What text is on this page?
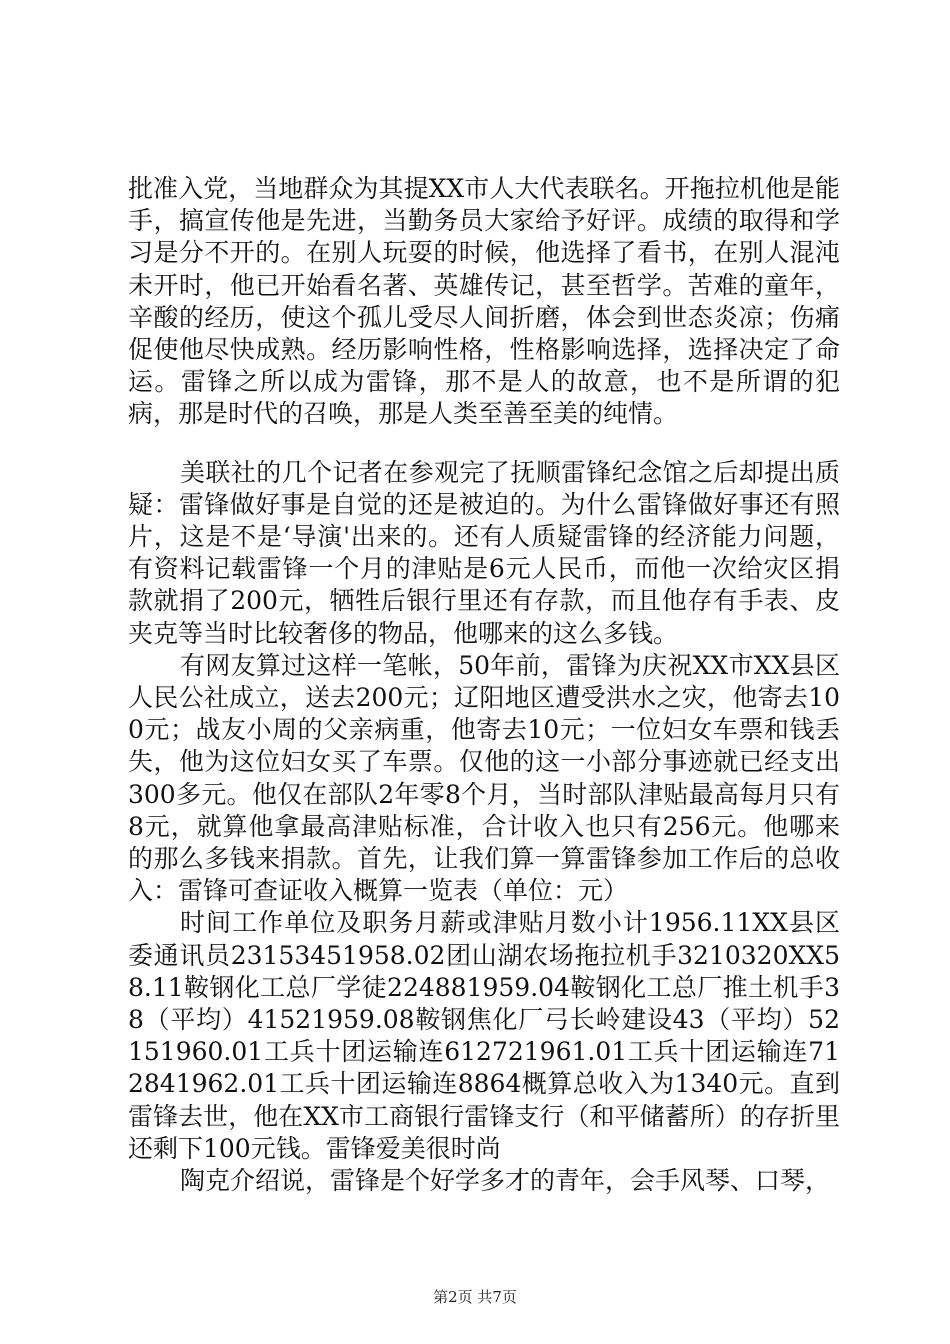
批准入党，当地群众为其提XX市人大代表联名。开拖拉机他是能手，搞宣传他是先进，当勤务员大家给予好评。成绩的取得和学习是分不开的。在别人玩耍的时候，他选择了看书，在别人混沌未开时，他已开始看名著、英雄传记，甚至哲学。苦难的童年，辛酸的经历，使这个孤儿受尽人间折磨，体会到世态炎凉；伤痛促使他尽快成熟。经历影响性格，性格影响选择，选择决定了命运。雷锋之所以成为雷锋，那不是人的故意，也不是所谓的犯病，那是时代的召唤，那是人类至善至美的纯情。

美联社的几个记者在参观完了抚顺雷锋纪念馆之后却提出质疑：雷锋做好事是自觉的还是被迫的。为什么雷锋做好事还有照片，这是不是‘导演'出来的。还有人质疑雷锋的经济能力问题，有资料记载雷锋一个月的津贴是6元人民币，而他一次给灾区捐款就捐了200元，牺牲后银行里还有存款，而且他存有手表、皮夹克等当时比较奢侈的物品，他哪来的这么多钱。

有网友算过这样一笔帐，50年前，雷锋为庆祝XX市XX县区人民公社成立，送去200元；辽阳地区遭受洪水之灾，他寄去100元；战友小周的父亲病重，他寄去10元；一位妇女车票和钱丢失，他为这位妇女买了车票。仅他的这一小部分事迹就已经支出300多元。他仅在部队2年零8个月，当时部队津贴最高每月只有8元，就算他拿最高津贴标准，合计收入也只有256元。他哪来的那么多钱来捐款。首先，让我们算一算雷锋参加工作后的总收入：雷锋可查证收入概算一览表（单位：元）

时间工作单位及职务月薪或津贴月数小计1956.11XX县区委通讯员23153451958.02团山湖农场拖拉机手3210320XX58.11鞍钢化工总厂学徒224881959.04鞍钢化工总厂推土机手38（平均）41521959.08鞍钢焦化厂弓长岭建设43（平均）52151960.01工兵十团运输连612721961.01工兵十团运输连712841962.01工兵十团运输连8864概算总收入为1340元。直到雷锋去世，他在XX市工商银行雷锋支行（和平储蓄所）的存折里还剩下100元钱。雷锋爱美很时尚

陶克介绍说，雷锋是个好学多才的青年，会手风琴、口琴，

第2页 共7页
